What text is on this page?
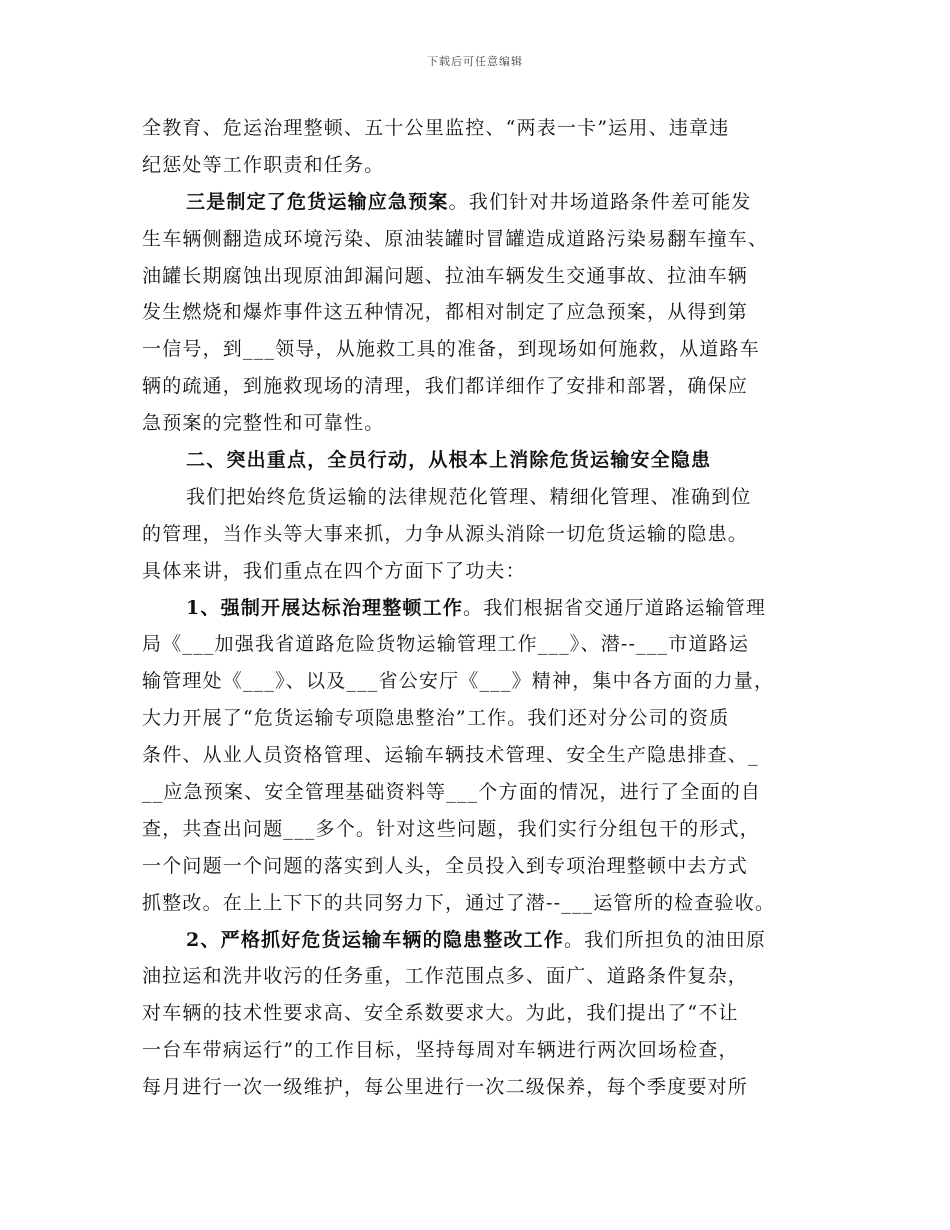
下载后可任意编辑
全教育、危运治理整顿、五十公里监控、“两表一卡”运用、违章违
纪惩处等工作职责和任务。
三是制定了危货运输应急预案。我们针对井场道路条件差可能发
生车辆侧翻造成环境污染、原油装罐时冒罐造成道路污染易翻车撞车、
油罐长期腐蚀出现原油卸漏问题、拉油车辆发生交通事故、拉油车辆
发生燃烧和爆炸事件这五种情况，都相对制定了应急预案，从得到第
一信号，到___领导，从施救工具的准备，到现场如何施救，从道路车
辆的疏通，到施救现场的清理，我们都详细作了安排和部署，确保应
急预案的完整性和可靠性。
二、突出重点，全员行动，从根本上消除危货运输安全隐患
我们把始终危货运输的法律规范化管理、精细化管理、准确到位
的管理，当作头等大事来抓，力争从源头消除一切危货运输的隐患。
具体来讲，我们重点在四个方面下了功夫：
1、强制开展达标治理整顿工作。我们根据省交通厅道路运输管理
局《___加强我省道路危险货物运输管理工作___》、潜--___市道路运
输管理处《___》、以及___省公安厅《___》精神，集中各方面的力量，
大力开展了“危货运输专项隐患整治”工作。我们还对分公司的资质
条件、从业人员资格管理、运输车辆技术管理、安全生产隐患排查、_
__应急预案、安全管理基础资料等___个方面的情况，进行了全面的自
查，共查出问题___多个。针对这些问题，我们实行分组包干的形式，
一个问题一个问题的落实到人头，全员投入到专项治理整顿中去方式
抓整改。在上上下下的共同努力下，通过了潜--___运管所的检查验收。
2、严格抓好危货运输车辆的隐患整改工作。我们所担负的油田原
油拉运和洗井收污的任务重，工作范围点多、面广、道路条件复杂，
对车辆的技术性要求高、安全系数要求大。为此，我们提出了“不让
一台车带病运行”的工作目标，坚持每周对车辆进行两次回场检查，
每月进行一次一级维护，每公里进行一次二级保养，每个季度要对所
